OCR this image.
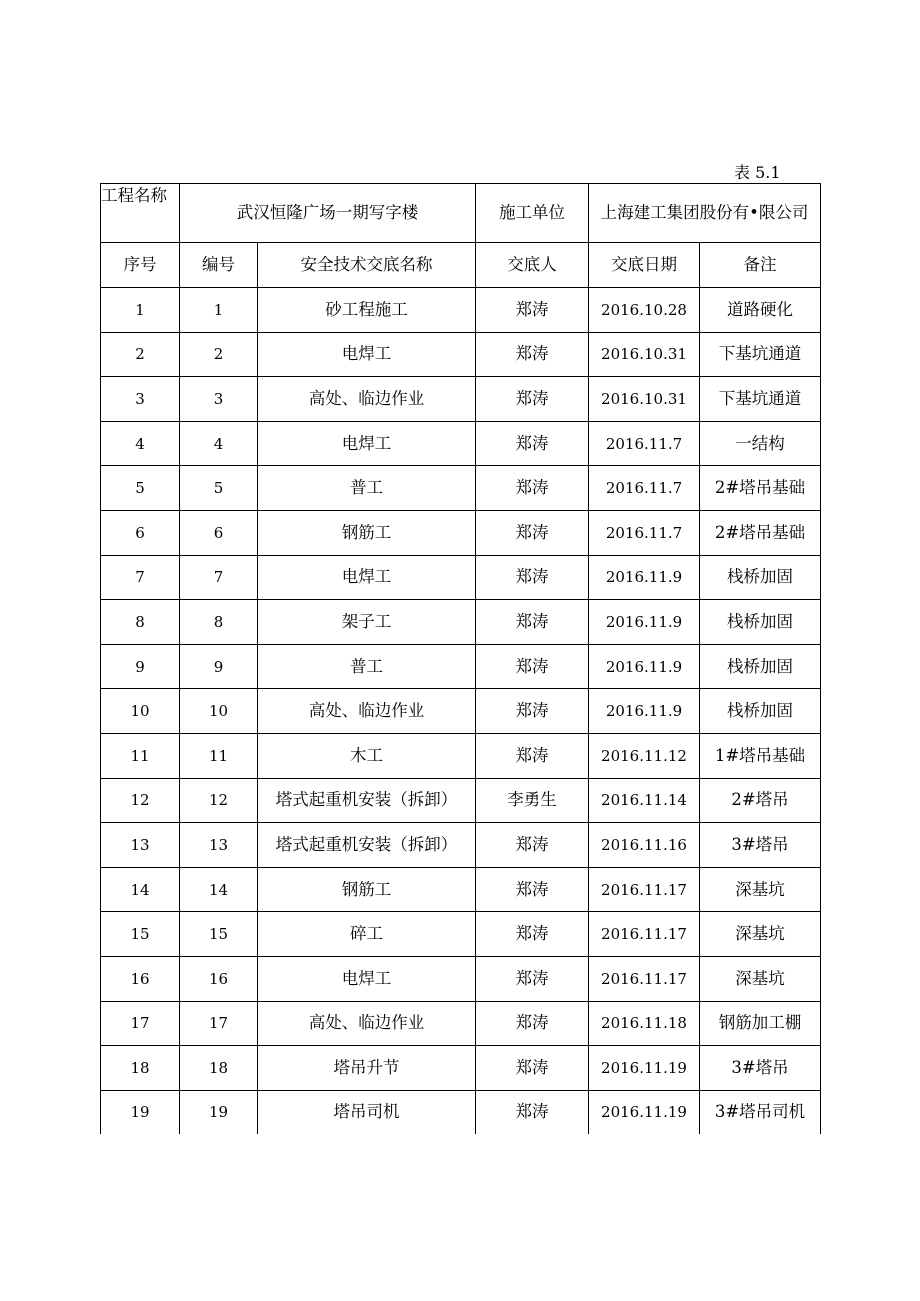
表 5.1
工程名称	武汉恒隆广场一期写字楼		施工单位	上海建工集团股份有•限公司	
序号	编号	安全技术交底名称	交底人	交底日期	备注
1	1	砂工程施工	郑涛	2016.10.28	道路硬化
2	2	电焊工	郑涛	2016.10.31	下基坑通道
3	3	高处、临边作业	郑涛	2016.10.31	下基坑通道
4	4	电焊工	郑涛	2016.11.7	一结构
5	5	普工	郑涛	2016.11.7	2#塔吊基础
6	6	钢筋工	郑涛	2016.11.7	2#塔吊基础
7	7	电焊工	郑涛	2016.11.9	栈桥加固
8	8	架子工	郑涛	2016.11.9	栈桥加固
9	9	普工	郑涛	2016.11.9	栈桥加固
10	10	高处、临边作业	郑涛	2016.11.9	栈桥加固
11	11	木工	郑涛	2016.11.12	1#塔吊基础
12	12	塔式起重机安装（拆卸）	李勇生	2016.11.14	2#塔吊
13	13	塔式起重机安装（拆卸）	郑涛	2016.11.16	3#塔吊
14	14	钢筋工	郑涛	2016.11.17	深基坑
15	15	碎工	郑涛	2016.11.17	深基坑
16	16	电焊工	郑涛	2016.11.17	深基坑
17	17	高处、临边作业	郑涛	2016.11.18	钢筋加工棚
18	18	塔吊升节	郑涛	2016.11.19	3#塔吊
19	19	塔吊司机	郑涛	2016.11.19	3#塔吊司机
